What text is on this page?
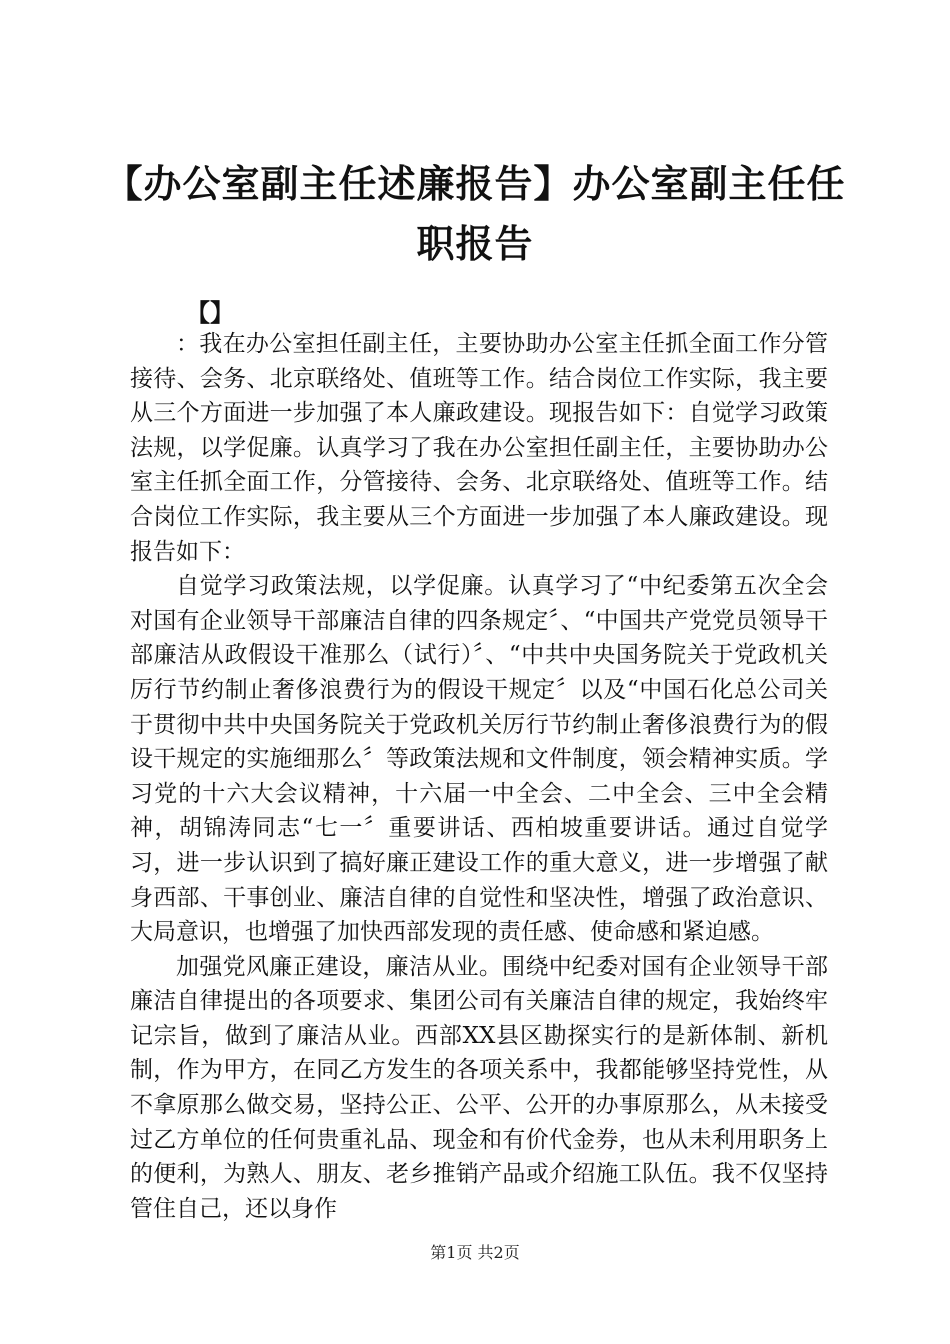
【办公室副主任述廉报告】办公室副主任任职报告
【】

：我在办公室担任副主任，主要协助办公室主任抓全面工作分管接待、会务、北京联络处、值班等工作。结合岗位工作实际，我主要从三个方面进一步加强了本人廉政建设。现报告如下：自觉学习政策法规，以学促廉。认真学习了我在办公室担任副主任，主要协助办公室主任抓全面工作，分管接待、会务、北京联络处、值班等工作。结合岗位工作实际，我主要从三个方面进一步加强了本人廉政建设。现报告如下：

自觉学习政策法规，以学促廉。认真学习了“中纪委第五次全会对国有企业领导干部廉洁自律的四条规定〞、“中国共产党党员领导干部廉洁从政假设干准那么（试行）〞、“中共中央国务院关于党政机关厉行节约制止奢侈浪费行为的假设干规定〞以及“中国石化总公司关于贯彻中共中央国务院关于党政机关厉行节约制止奢侈浪费行为的假设干规定的实施细那么〞等政策法规和文件制度，领会精神实质。学习党的十六大会议精神，十六届一中全会、二中全会、三中全会精神，胡锦涛同志“七一〞重要讲话、西柏坡重要讲话。通过自觉学习，进一步认识到了搞好廉正建设工作的重大意义，进一步增强了献身西部、干事创业、廉洁自律的自觉性和坚决性，增强了政治意识、大局意识，也增强了加快西部发现的责任感、使命感和紧迫感。

加强党风廉正建设，廉洁从业。围绕中纪委对国有企业领导干部廉洁自律提出的各项要求、集团公司有关廉洁自律的规定，我始终牢记宗旨，做到了廉洁从业。西部XX县区勘探实行的是新体制、新机制，作为甲方，在同乙方发生的各项关系中，我都能够坚持党性，从不拿原那么做交易，坚持公正、公平、公开的办事原那么，从未接受过乙方单位的任何贵重礼品、现金和有价代金券，也从未利用职务上的便利，为熟人、朋友、老乡推销产品或介绍施工队伍。我不仅坚持管住自己，还以身作

第1页 共2页
